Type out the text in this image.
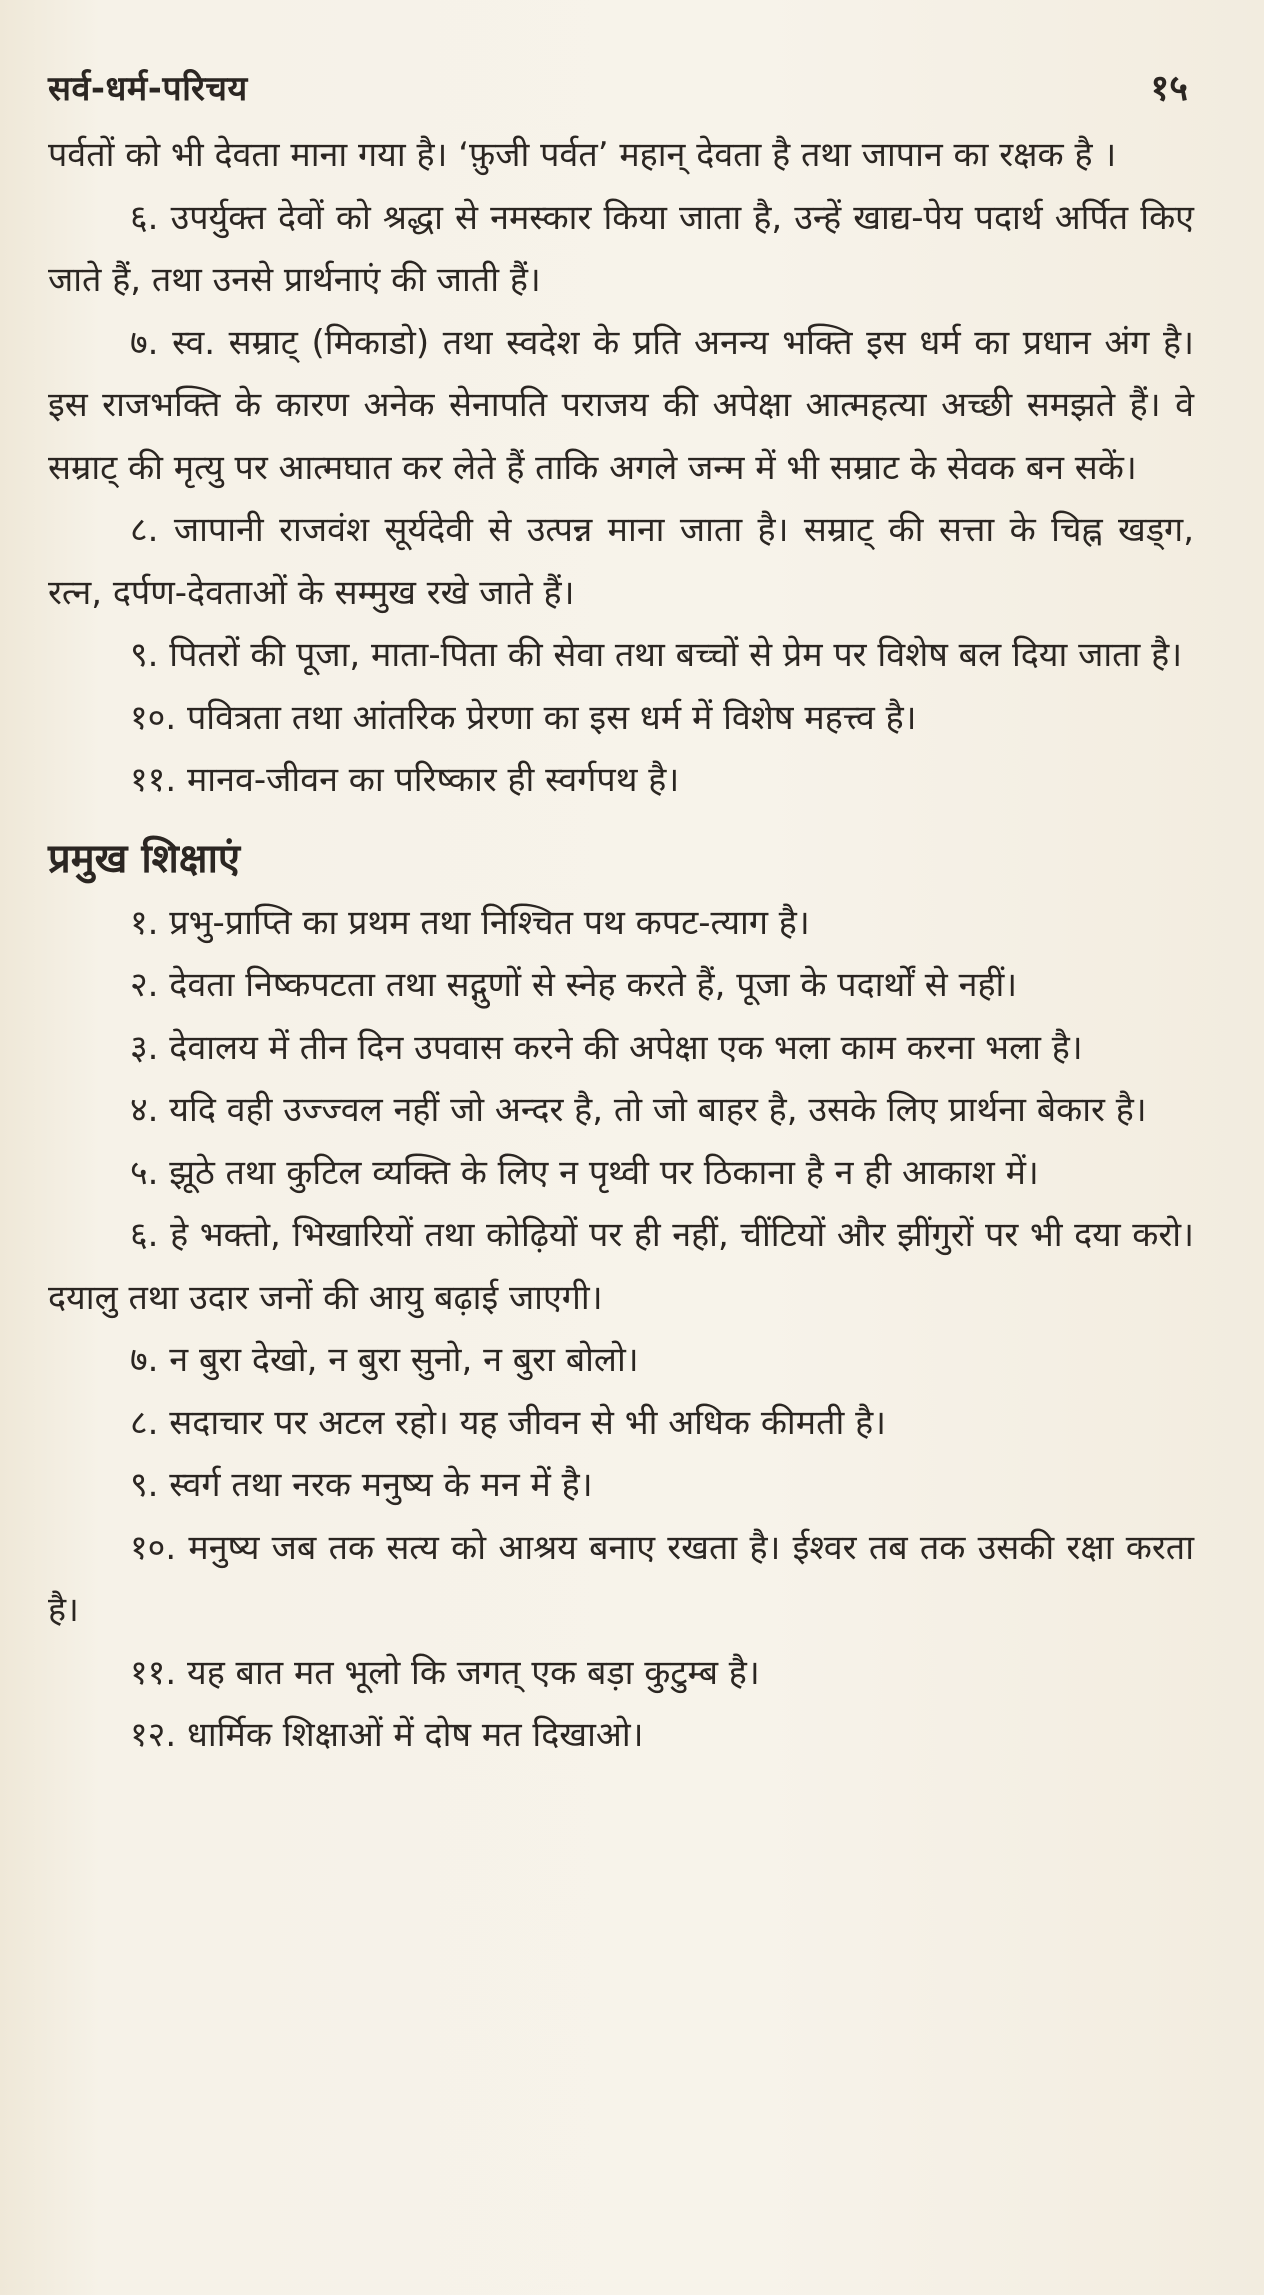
सर्व-धर्म-परिचय	१५

पर्वतों को भी देवता माना गया है। ‘फ़ुजी पर्वत’ महान् देवता है तथा जापान का रक्षक है ।

६. उपर्युक्त देवों को श्रद्धा से नमस्कार किया जाता है, उन्हें खाद्य-पेय पदार्थ अर्पित किए जाते हैं, तथा उनसे प्रार्थनाएं की जाती हैं।

७. स्व. सम्राट् (मिकाडो) तथा स्वदेश के प्रति अनन्य भक्ति इस धर्म का प्रधान अंग है। इस राजभक्ति के कारण अनेक सेनापति पराजय की अपेक्षा आत्महत्या अच्छी समझते हैं। वे सम्राट् की मृत्यु पर आत्मघात कर लेते हैं ताकि अगले जन्म में भी सम्राट के सेवक बन सकें।

८. जापानी राजवंश सूर्यदेवी से उत्पन्न माना जाता है। सम्राट् की सत्ता के चिह्न खड्ग, रत्न, दर्पण-देवताओं के सम्मुख रखे जाते हैं।

९. पितरों की पूजा, माता-पिता की सेवा तथा बच्चों से प्रेम पर विशेष बल दिया जाता है।

१०. पवित्रता तथा आंतरिक प्रेरणा का इस धर्म में विशेष महत्त्व है।

११. मानव-जीवन का परिष्कार ही स्वर्गपथ है।

प्रमुख शिक्षाएं

१. प्रभु-प्राप्ति का प्रथम तथा निश्चित पथ कपट-त्याग है।

२. देवता निष्कपटता तथा सद्गुणों से स्नेह करते हैं, पूजा के पदार्थों से नहीं।

३. देवालय में तीन दिन उपवास करने की अपेक्षा एक भला काम करना भला है।

४. यदि वही उज्ज्वल नहीं जो अन्दर है, तो जो बाहर है, उसके लिए प्रार्थना बेकार है।

५. झूठे तथा कुटिल व्यक्ति के लिए न पृथ्वी पर ठिकाना है न ही आकाश में।

६. हे भक्तो, भिखारियों तथा कोढ़ियों पर ही नहीं, चींटियों और झींगुरों पर भी दया करो। दयालु तथा उदार जनों की आयु बढ़ाई जाएगी।

७. न बुरा देखो, न बुरा सुनो, न बुरा बोलो।

८. सदाचार पर अटल रहो। यह जीवन से भी अधिक कीमती है।

९. स्वर्ग तथा नरक मनुष्य के मन में है।

१०. मनुष्य जब तक सत्य को आश्रय बनाए रखता है। ईश्वर तब तक उसकी रक्षा करता है।

११. यह बात मत भूलो कि जगत् एक बड़ा कुटुम्ब है।

१२. धार्मिक शिक्षाओं में दोष मत दिखाओ।
